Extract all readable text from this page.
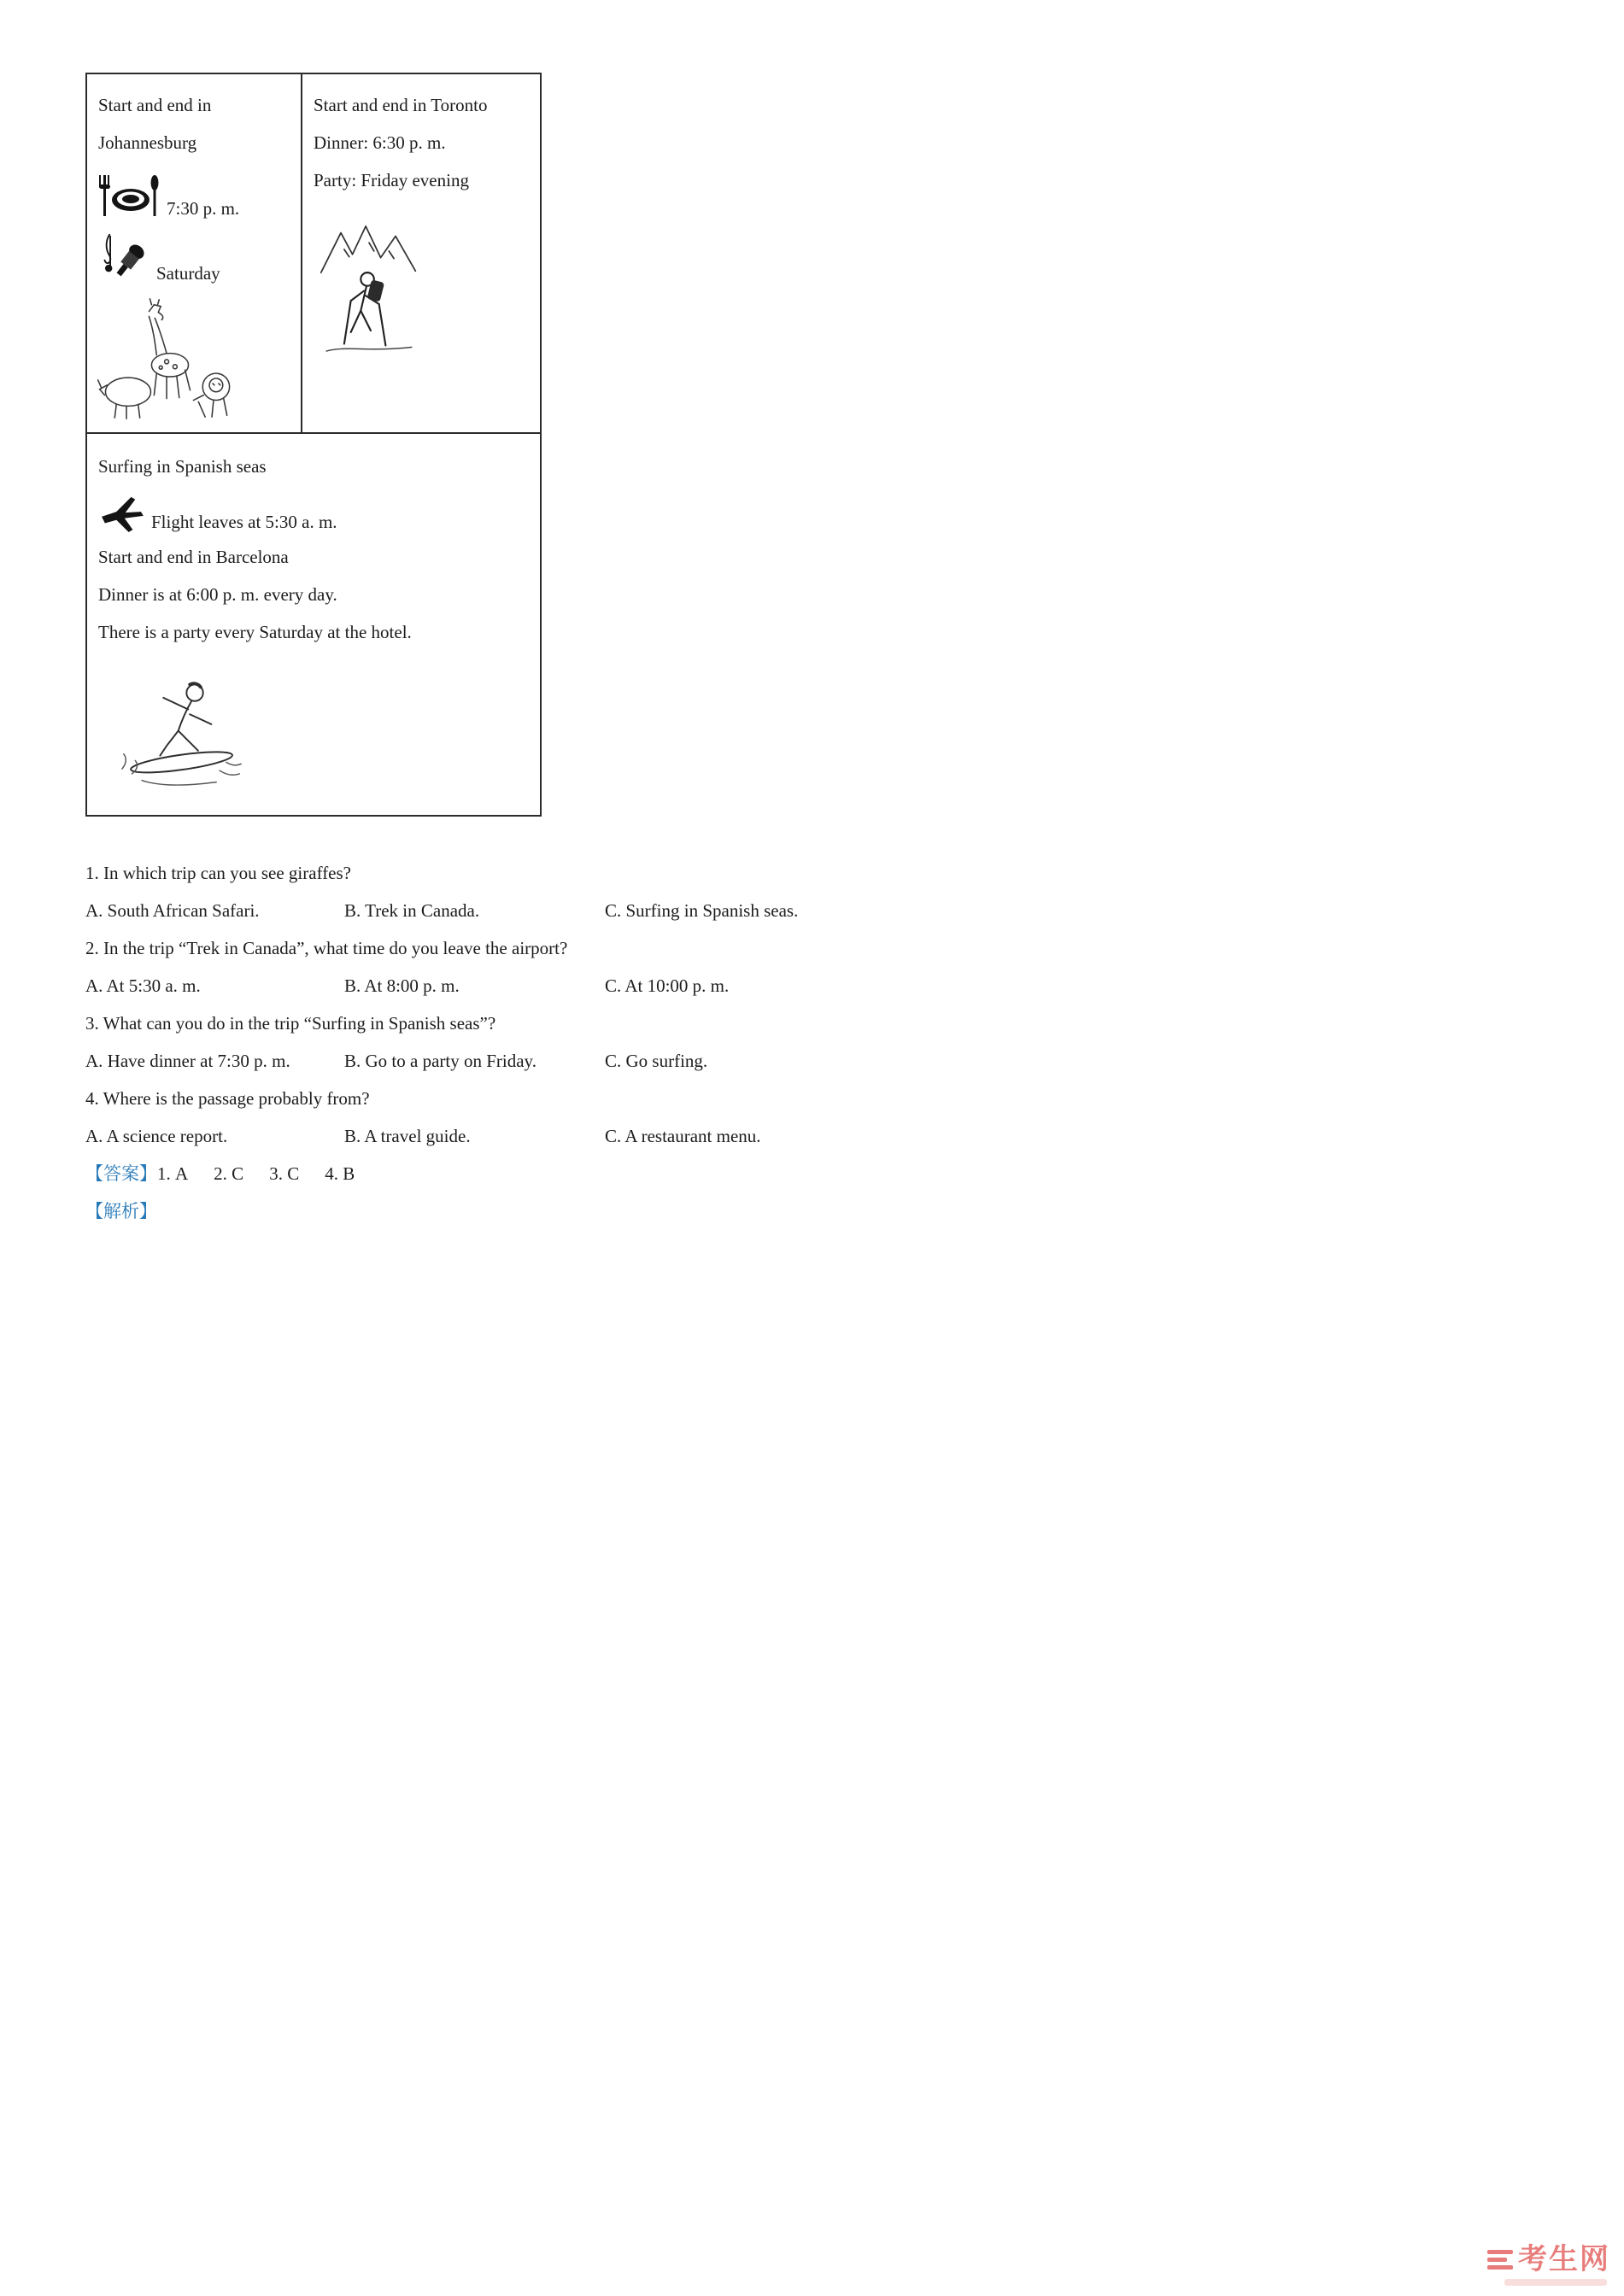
Start and end in
Johannesburg
7:30 p. m.
Saturday
Start and end in Toronto
Dinner: 6:30 p. m.
Party: Friday evening
Surfing in Spanish seas
Flight leaves at 5:30 a. m.
Start and end in Barcelona
Dinner is at 6:00 p. m. every day.
There is a party every Saturday at the hotel.
1. In which trip can you see giraffes?
A. South African Safari.	B. Trek in Canada.	C. Surfing in Spanish seas.
2. In the trip “Trek in Canada”, what time do you leave the airport?
A. At 5:30 a. m.	B. At 8:00 p. m.	C. At 10:00 p. m.
3. What can you do in the trip “Surfing in Spanish seas”?
A. Have dinner at 7:30 p. m.	B. Go to a party on Friday.	C. Go surfing.
4. Where is the passage probably from?
A. A science report.	B. A travel guide.	C. A restaurant menu.
【答案】1. A 2. C 3. C 4. B
【解析】
考生网
